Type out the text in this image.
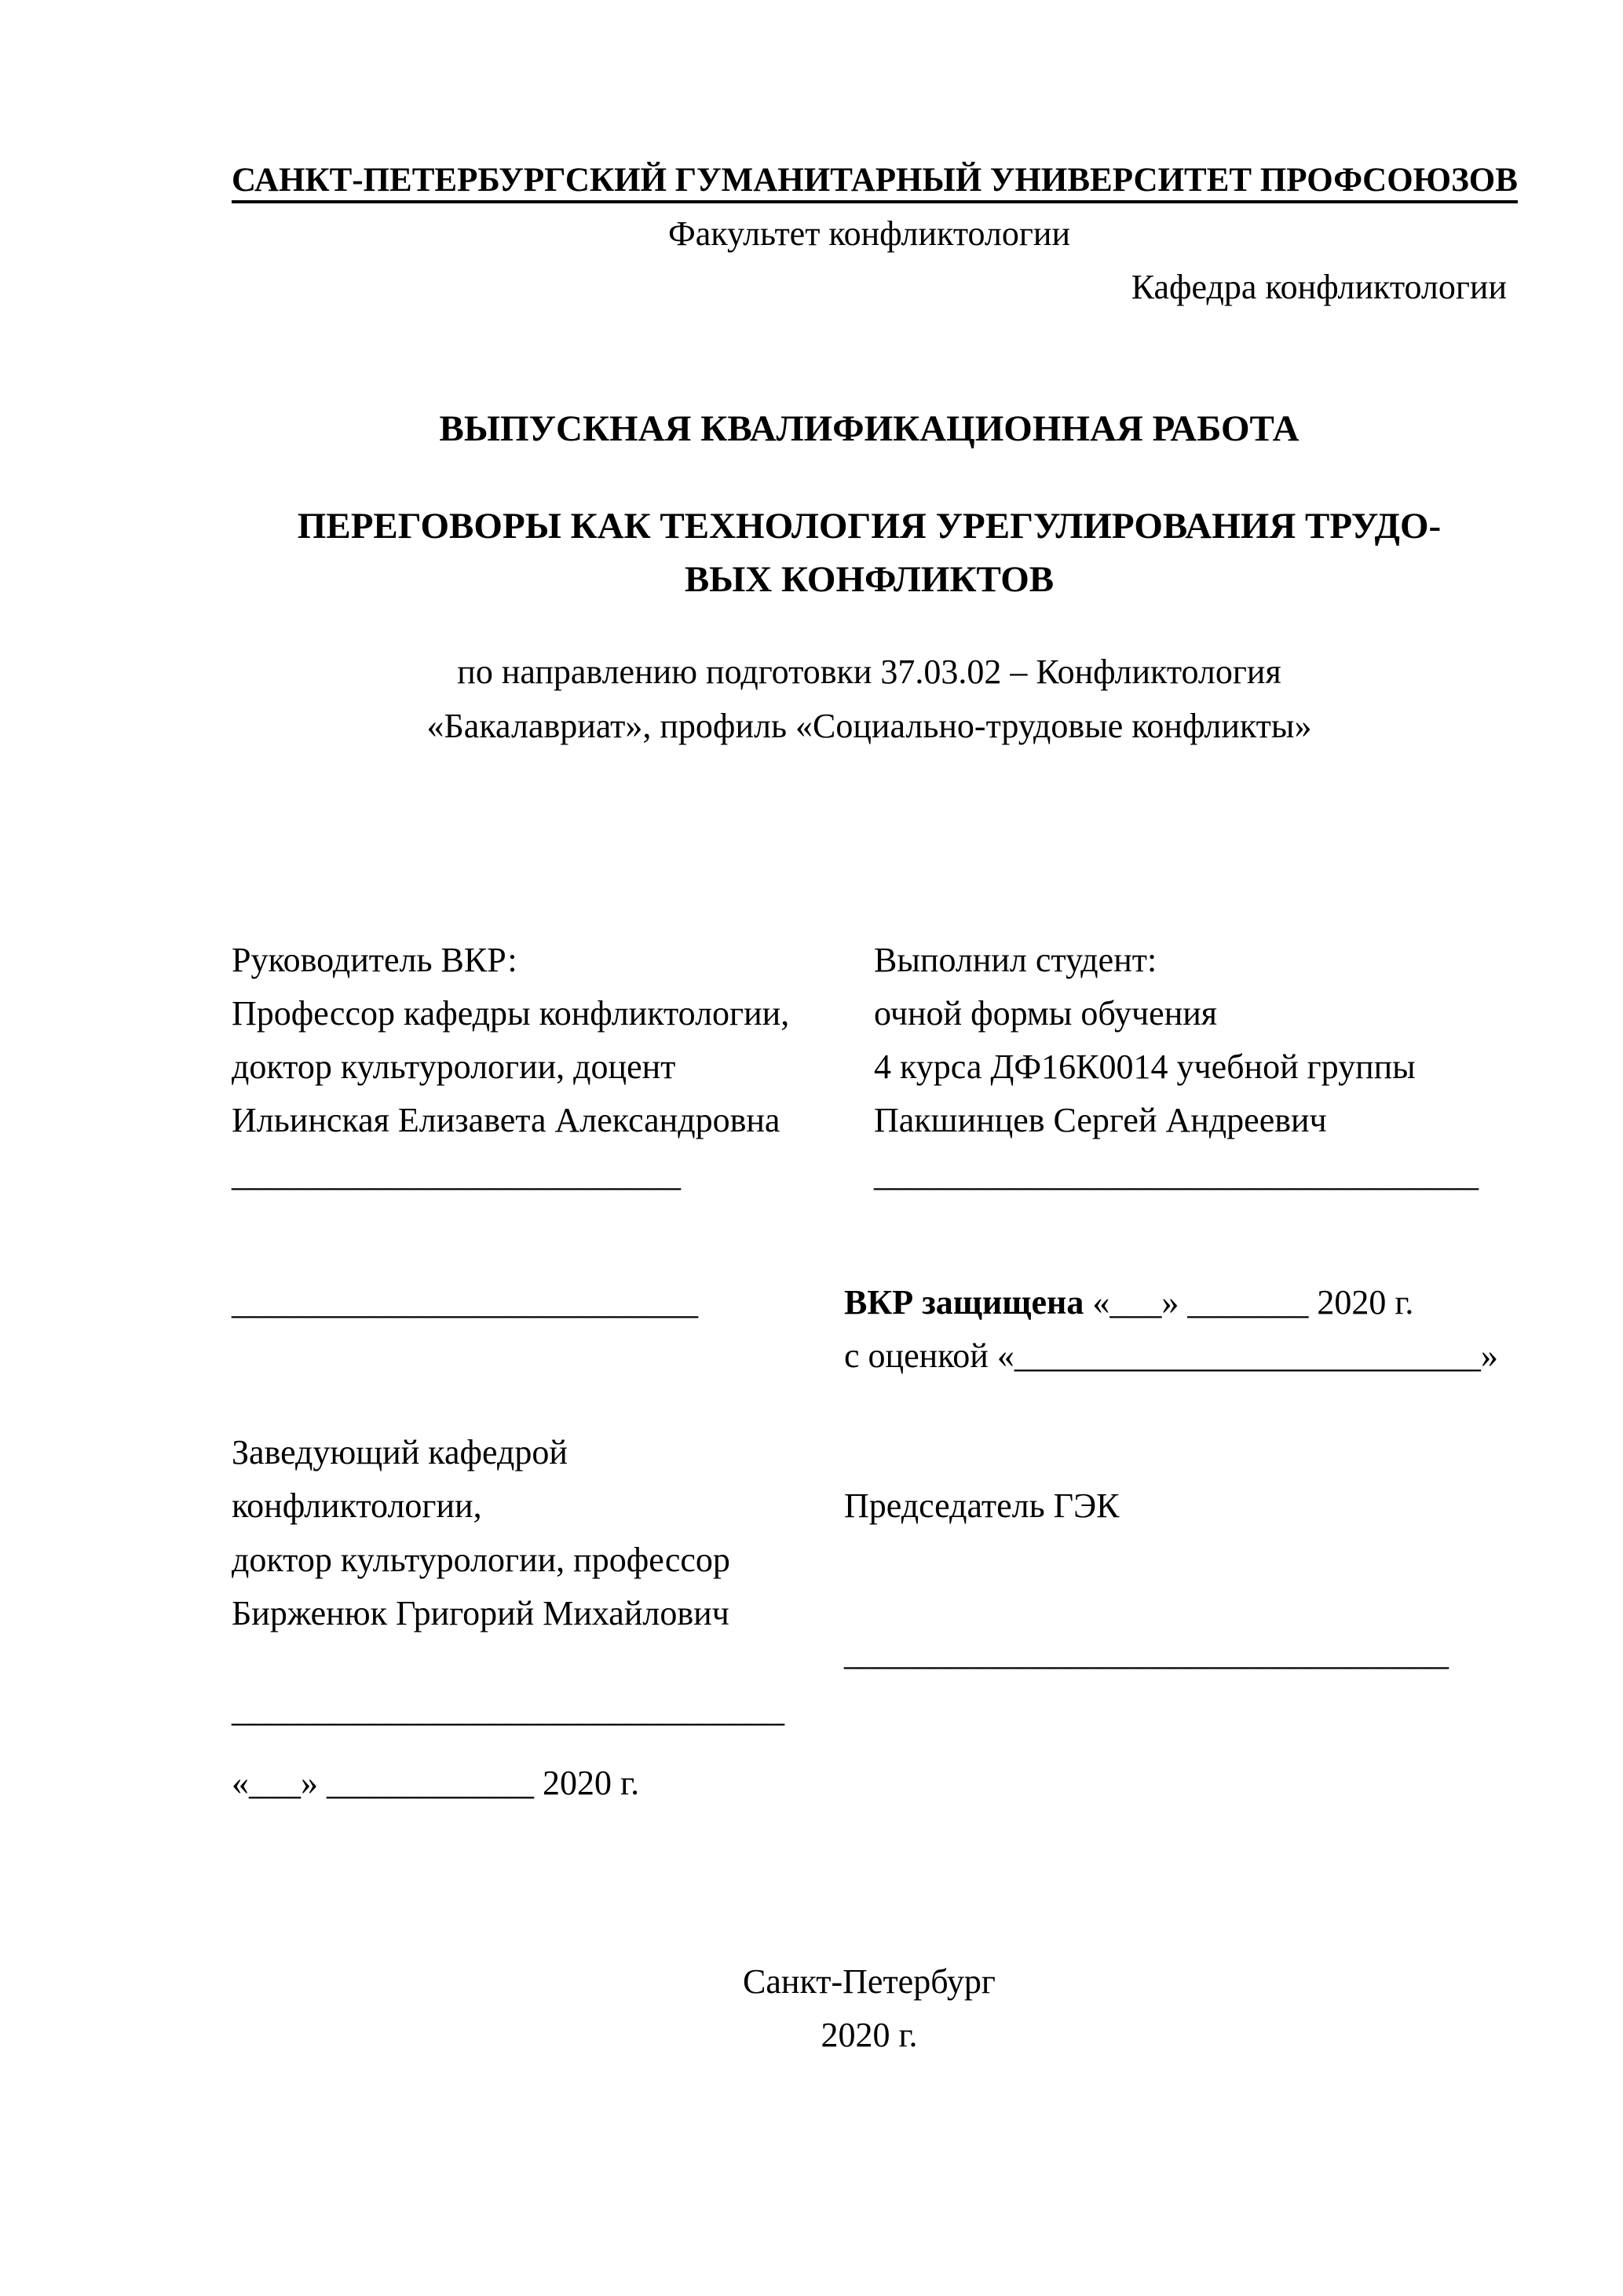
САНКТ-ПЕТЕРБУРГСКИЙ ГУМАНИТАРНЫЙ УНИВЕРСИТЕТ ПРОФСОЮЗОВ
Факультет конфликтологии
Кафедра конфликтологии
ВЫПУСКНАЯ КВАЛИФИКАЦИОННАЯ РАБОТА
ПЕРЕГОВОРЫ КАК ТЕХНОЛОГИЯ УРЕГУЛИРОВАНИЯ ТРУДО-
ВЫХ КОНФЛИКТОВ
по направлению подготовки 37.03.02 – Конфликтология
«Бакалавриат», профиль «Социально-трудовые конфликты»
Руководитель ВКР:
Профессор кафедры конфликтологии,
доктор культурологии, доцент
Ильинская Елизавета Александровна
__________________________
Выполнил студент:
очной формы обучения
4 курса ДФ16К0014 учебной группы
Пакшинцев Сергей Андреевич
___________________________________
___________________________	ВКР защищена «___» _______ 2020 г.
с оценкой «___________________________»
Заведующий кафедрой
конфликтологии,
доктор культурологии, профессор
Бирженюк Григорий Михайлович
________________________________
«___» ____________ 2020 г.
Председатель ГЭК
___________________________________
Санкт-Петербург
2020 г.
